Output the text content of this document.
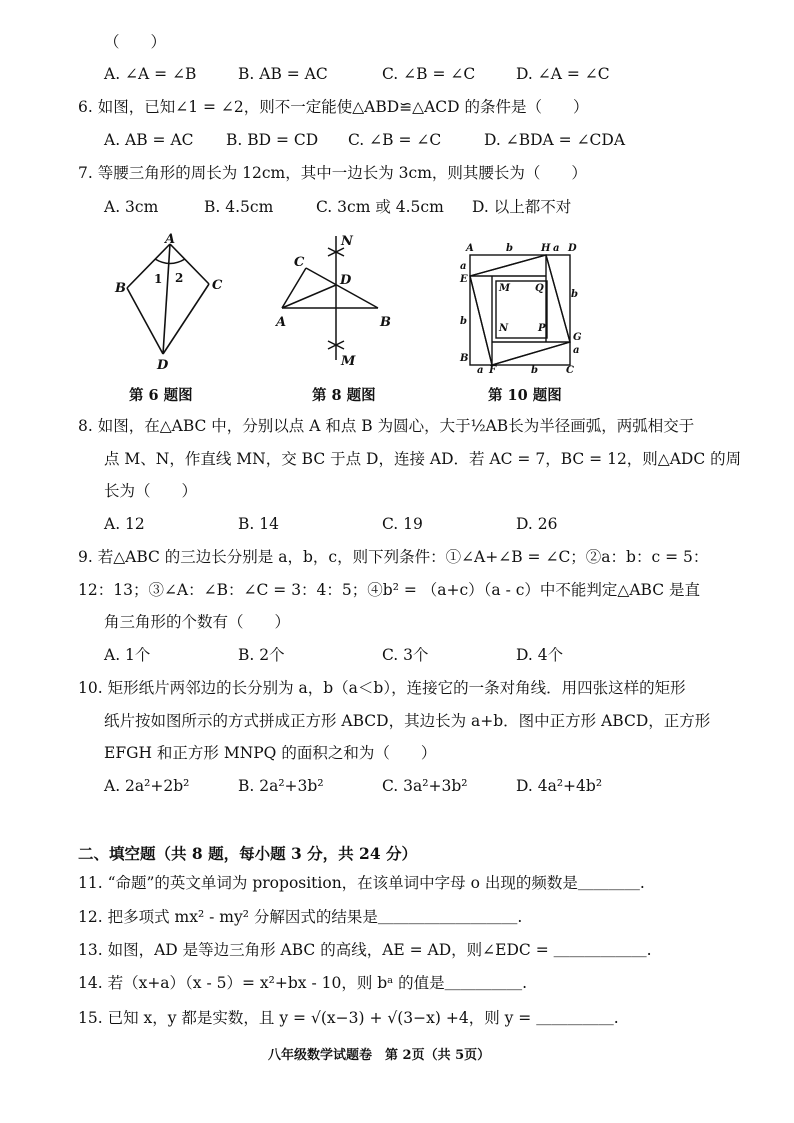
（　　）
A. ∠A = ∠B	B. AB = AC	C. ∠B = ∠C	D. ∠A = ∠C
6. 如图，已知∠1 = ∠2，则不一定能使△ABD≌△ACD 的条件是（　　）
A. AB = AC B. BD = CD C. ∠B = ∠C	D. ∠BDA = ∠CDA
7. 等腰三角形的周长为 12cm，其中一边长为 3cm，则其腰长为（　　）
A. 3cm	B. 4.5cm	C. 3cm 或 4.5cm D. 以上都不对
A
B	C
D
1 2
第 6 题图
N
C
D
A	B
M
第 8 题图
A	b	H a D
a
E
M Q
b
b
N	P
G
a
B
a F	b	C
第 10 题图
8. 如图，在△ABC 中，分别以点 A 和点 B 为圆心，大于½AB长为半径画弧，两弧相交于
点 M、N，作直线 MN，交 BC 于点 D，连接 AD．若 AC = 7，BC = 12，则△ADC 的周
长为（　　）
A. 12	B. 14	C. 19	D. 26
9. 若△ABC 的三边长分别是 a，b，c，则下列条件：①∠A+∠B = ∠C；②a：b：c = 5：
12：13；③∠A：∠B：∠C = 3：4：5；④b² = （a+c）（a - c）中不能判定△ABC 是直
角三角形的个数有（　　）
A. 1个	B. 2个	C. 3个	D. 4个
10. 矩形纸片两邻边的长分别为 a，b（a＜b），连接它的一条对角线．用四张这样的矩形
纸片按如图所示的方式拼成正方形 ABCD，其边长为 a+b．图中正方形 ABCD，正方形
EFGH 和正方形 MNPQ 的面积之和为（　　）
A. 2a²+2b²	B. 2a²+3b²	C. 3a²+3b²	D. 4a²+4b²
二、填空题（共 8 题，每小题 3 分，共 24 分）
11. “命题”的英文单词为 proposition，在该单词中字母 o 出现的频数是＿＿＿＿.
12. 把多项式 mx² - my² 分解因式的结果是＿＿＿＿＿＿＿＿＿.
13. 如图，AD 是等边三角形 ABC 的高线，AE = AD，则∠EDC = ＿＿＿＿＿＿.
14. 若（x+a）（x - 5）= x²+bx - 10，则 bᵃ 的值是＿＿＿＿＿.
15. 已知 x，y 都是实数，且 y = √(x−3) + √(3−x) +4，则 y = ＿＿＿＿＿.
八年级数学试题卷　第 2页（共 5页）
